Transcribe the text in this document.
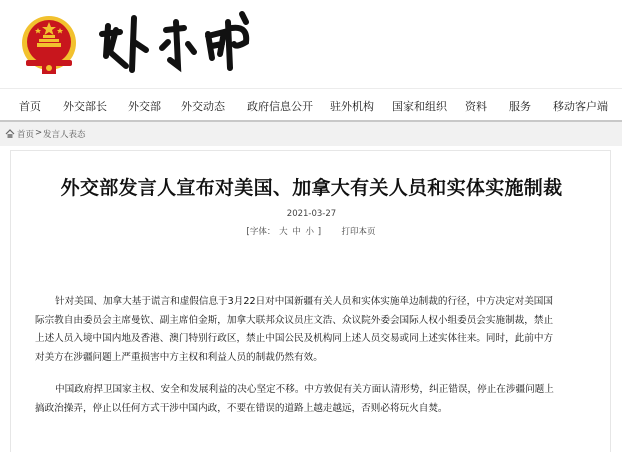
首页 外交部长 外交部 外交动态 政府信息公开 驻外机构 国家和组织 资料 服务 移动客户端
首页 > 发言人表态
外交部发言人宣布对美国、加拿大有关人员和实体实施制裁
2021-03-27
[字体： 大 中 小 ] 打印本页
针对美国、加拿大基于谎言和虚假信息于3月22日对中国新疆有关人员和实体实施单边制裁的行径，中方决定对美国国
际宗教自由委员会主席曼钦、副主席伯金斯，加拿大联邦众议员庄文浩、众议院外委会国际人权小组委员会实施制裁，禁止
上述人员入境中国内地及香港、澳门特别行政区，禁止中国公民及机构同上述人员交易或同上述实体往来。同时，此前中方
对美方在涉疆问题上严重损害中方主权和利益人员的制裁仍然有效。
中国政府捍卫国家主权、安全和发展利益的决心坚定不移。中方敦促有关方面认清形势，纠正错误，停止在涉疆问题上
搞政治操弄，停止以任何方式干涉中国内政，不要在错误的道路上越走越远，否则必将玩火自焚。
